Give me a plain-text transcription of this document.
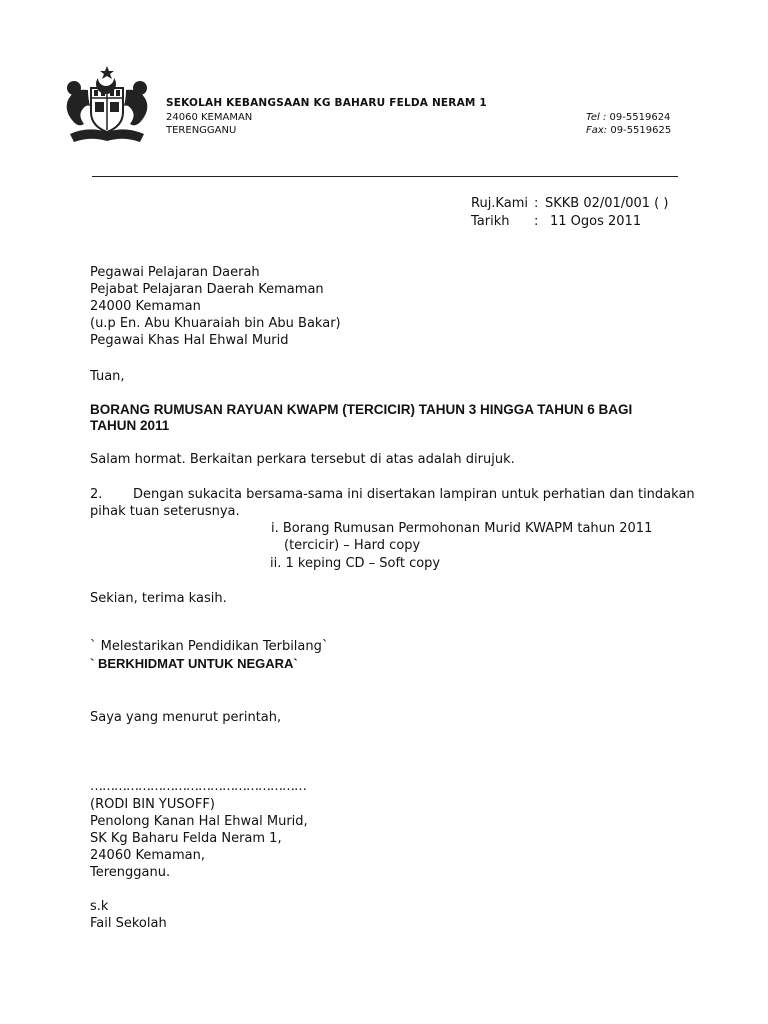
SEKOLAH KEBANGSAAN KG BAHARU FELDA NERAM 1
24060 KEMAMAN
TERENGGANU
Tel : 09-5519624
Fax: 09-5519625
Ruj.Kami : SKKB 02/01/001 ( )
Tarikh : 11 Ogos 2011
Pegawai Pelajaran Daerah
Pejabat Pelajaran Daerah Kemaman
24000 Kemaman
(u.p En. Abu Khuaraiah bin Abu Bakar)
Pegawai Khas Hal Ehwal Murid
Tuan,
BORANG RUMUSAN RAYUAN KWAPM (TERCICIR) TAHUN 3 HINGGA TAHUN 6 BAGI
TAHUN 2011
Salam hormat. Berkaitan perkara tersebut di atas adalah dirujuk.
2. Dengan sukacita bersama-sama ini disertakan lampiran untuk perhatian dan tindakan
pihak tuan seterusnya.
i. Borang Rumusan Permohonan Murid KWAPM tahun 2011
(tercicir) – Hard copy
ii. 1 keping CD – Soft copy
Sekian, terima kasih.
` Melestarikan Pendidikan Terbilang`
` BERKHIDMAT UNTUK NEGARA`
Saya yang menurut perintah,
………………………………………………
(RODI BIN YUSOFF)
Penolong Kanan Hal Ehwal Murid,
SK Kg Baharu Felda Neram 1,
24060 Kemaman,
Terengganu.
s.k
Fail Sekolah
